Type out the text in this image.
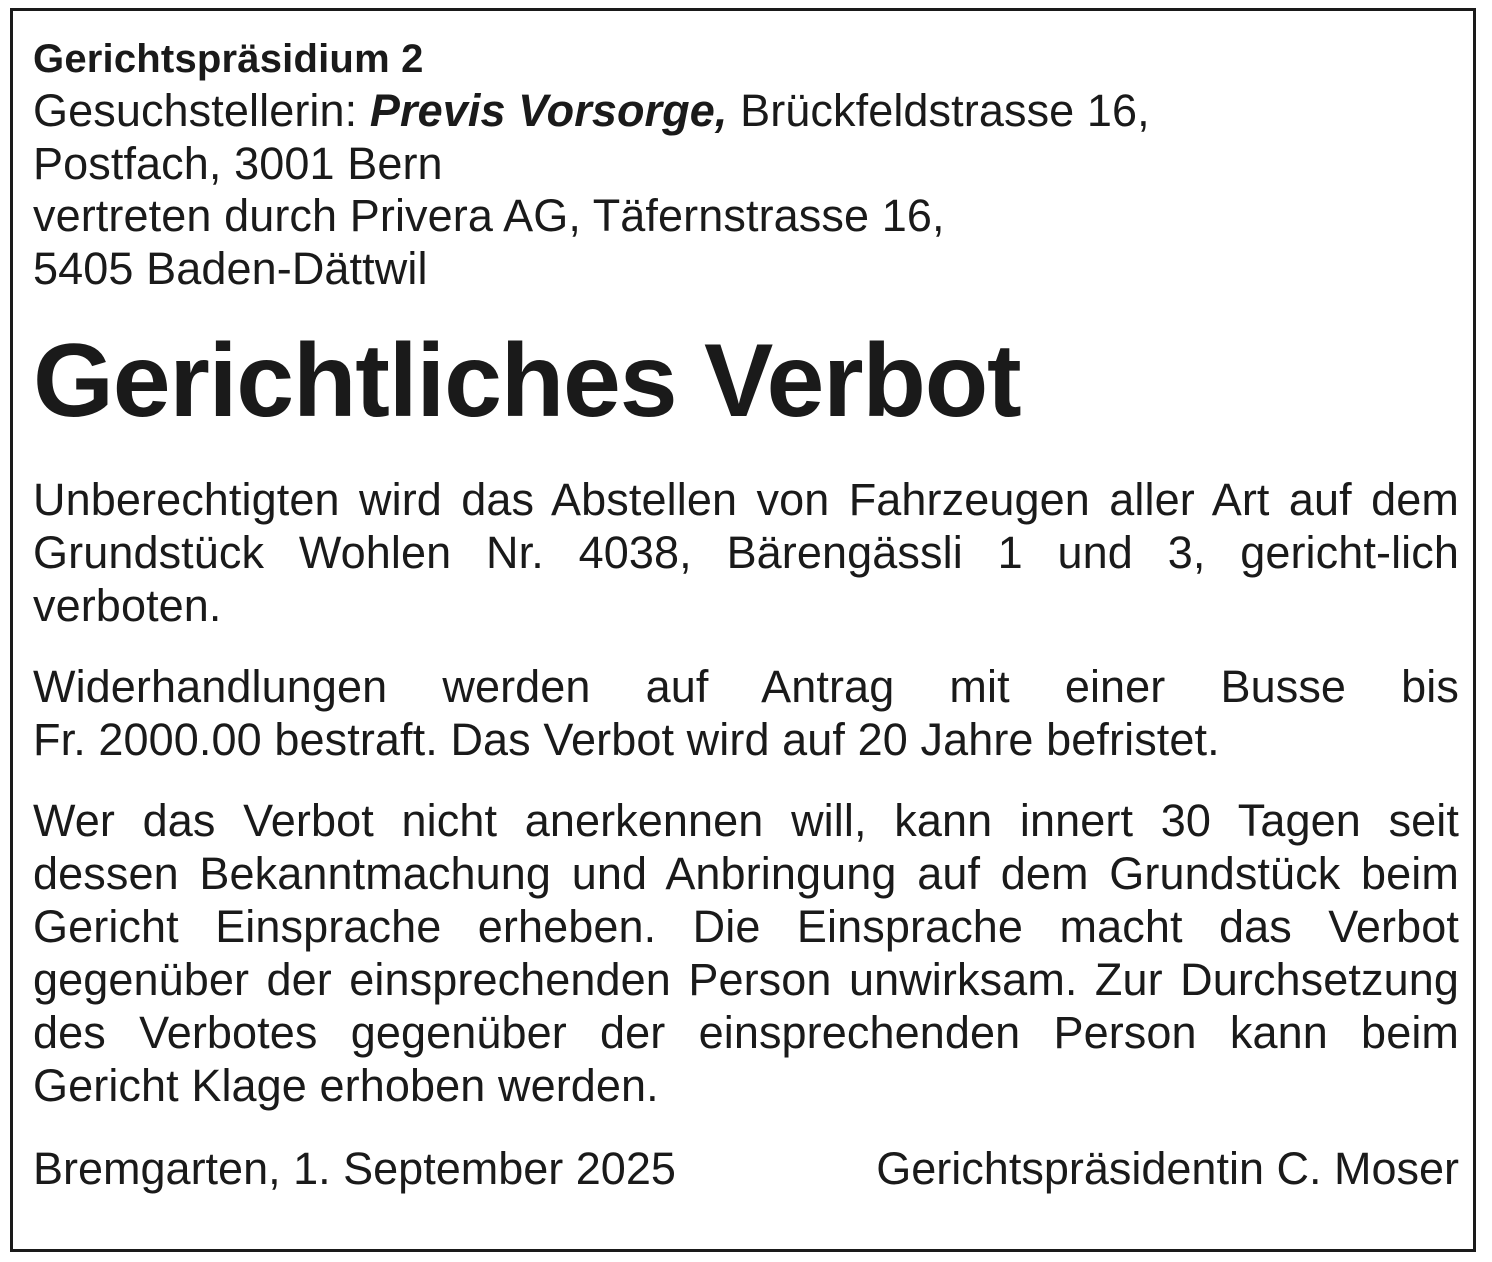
Gerichtspräsidium 2

Gesuchstellerin: Previs Vorsorge, Brückfeldstrasse 16,
Postfach, 3001 Bern
vertreten durch Privera AG, Täfernstrasse 16,
5405 Baden-Dättwil

Gerichtliches Verbot

Unberechtigten wird das Abstellen von Fahrzeugen aller Art auf dem Grundstück Wohlen Nr. 4038, Bärengässli 1 und 3, gericht-lich verboten.

Widerhandlungen werden auf Antrag mit einer Busse bis
Fr. 2000.00 bestraft. Das Verbot wird auf 20 Jahre befristet.

Wer das Verbot nicht anerkennen will, kann innert 30 Tagen seit dessen Bekanntmachung und Anbringung auf dem Grundstück beim Gericht Einsprache erheben. Die Einsprache macht das Verbot gegenüber der einsprechenden Person unwirksam. Zur Durchsetzung des Verbotes gegenüber der einsprechenden Person kann beim Gericht Klage erhoben werden.

Bremgarten, 1. September 2025	Gerichtspräsidentin C. Moser
